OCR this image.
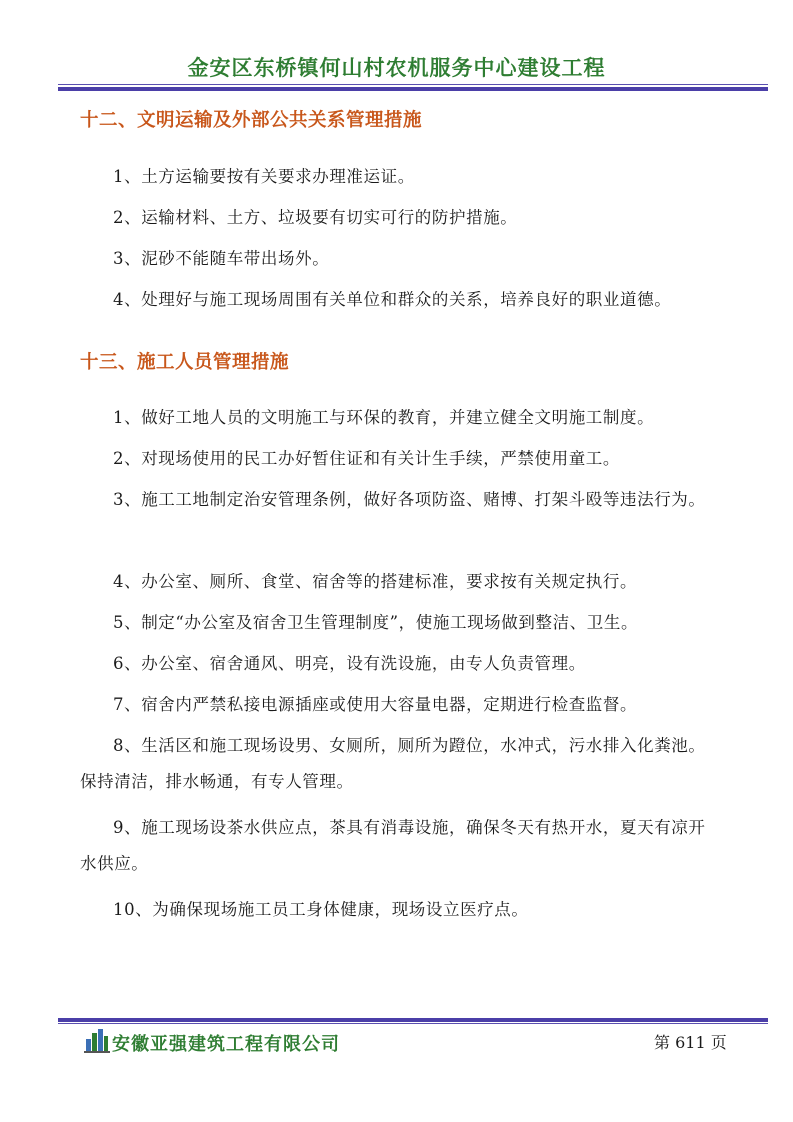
金安区东桥镇何山村农机服务中心建设工程
十二、文明运输及外部公共关系管理措施

1、土方运输要按有关要求办理准运证。

2、运输材料、土方、垃圾要有切实可行的防护措施。

3、泥砂不能随车带出场外。

4、处理好与施工现场周围有关单位和群众的关系，培养良好的职业道德。

十三、施工人员管理措施

1、做好工地人员的文明施工与环保的教育，并建立健全文明施工制度。

2、对现场使用的民工办好暂住证和有关计生手续，严禁使用童工。

3、施工工地制定治安管理条例，做好各项防盗、赌博、打架斗殴等违法行为。

4、办公室、厕所、食堂、宿舍等的搭建标准，要求按有关规定执行。

5、制定“办公室及宿舍卫生管理制度”，使施工现场做到整洁、卫生。

6、办公室、宿舍通风、明亮，设有洗设施，由专人负责管理。

7、宿舍内严禁私接电源插座或使用大容量电器，定期进行检查监督。

8、生活区和施工现场设男、女厕所，厕所为蹬位，水冲式，污水排入化粪池。保持清洁，排水畅通，有专人管理。

9、施工现场设茶水供应点，茶具有消毒设施，确保冬天有热开水，夏天有凉开水供应。

10、为确保现场施工员工身体健康，现场设立医疗点。

安徽亚强建筑工程有限公司	第 611 页
